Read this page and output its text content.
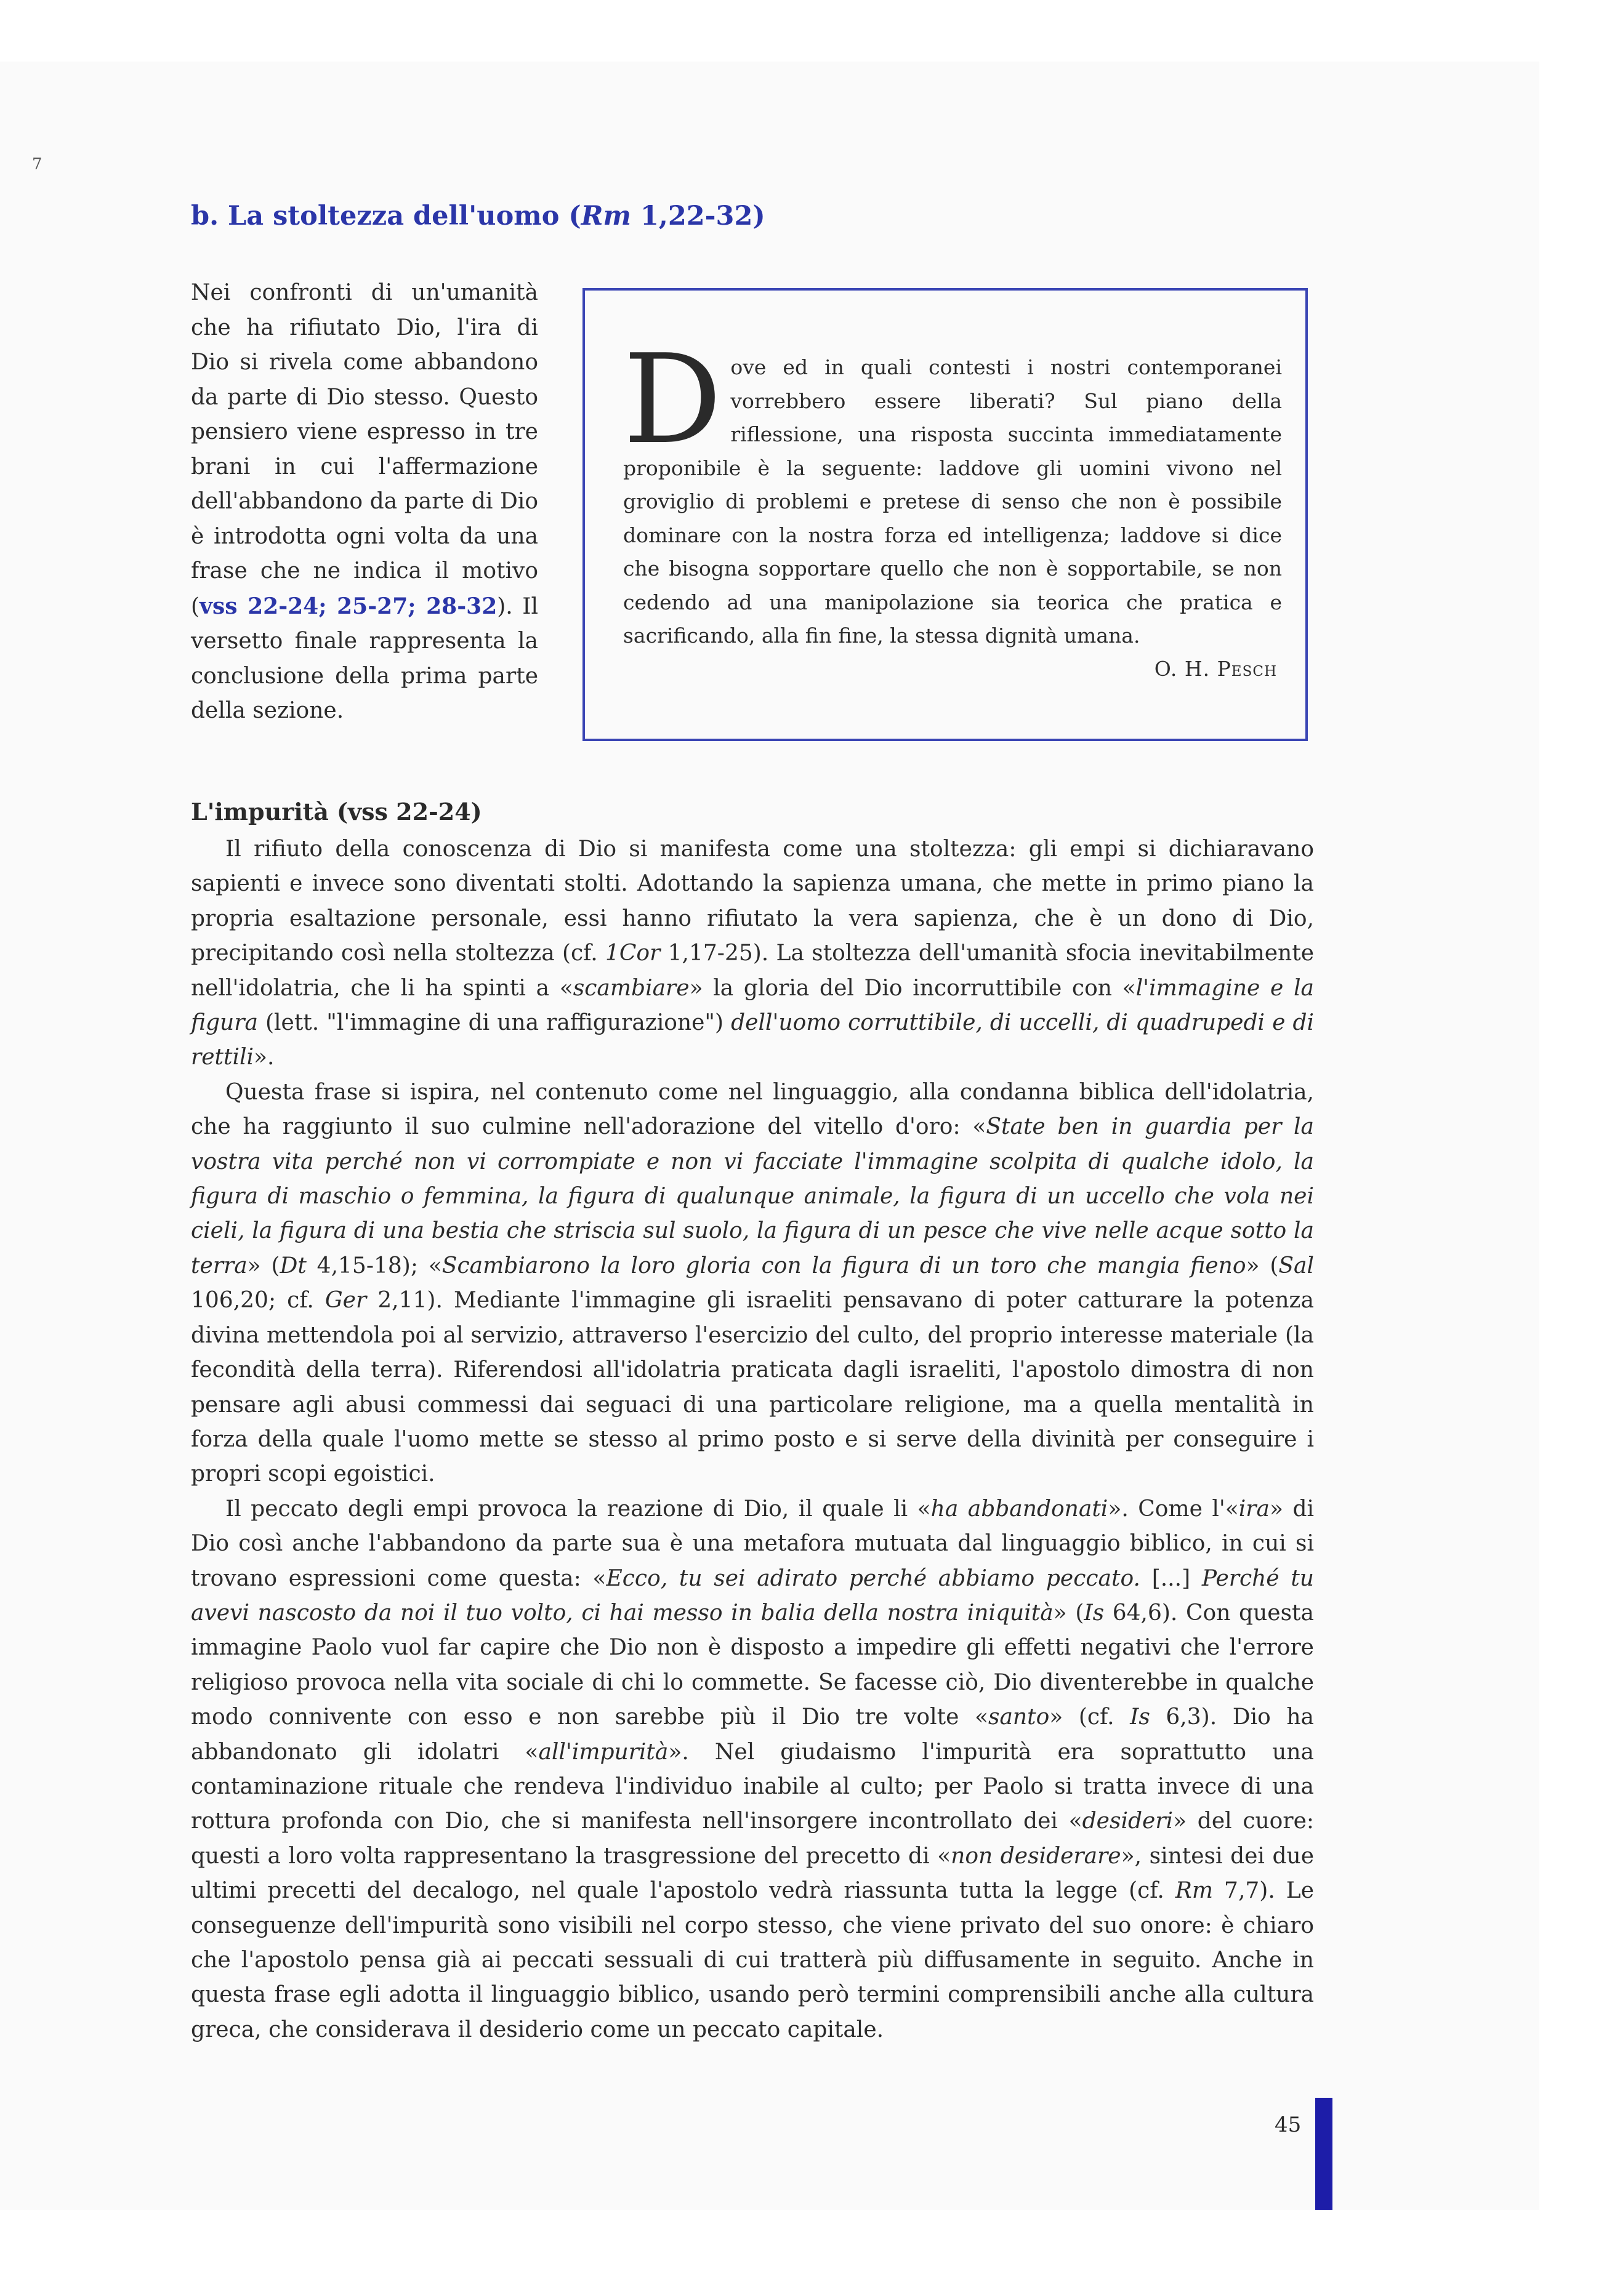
7
b. La stoltezza dell'uomo (Rm 1,22-32)

Nei confronti di un'umanità che ha rifiutato Dio, l'ira di Dio si rivela come abbandono da parte di Dio stesso. Questo pensiero viene espresso in tre brani in cui l'affermazione dell'abbandono da parte di Dio è introdotta ogni volta da una frase che ne indica il motivo (vss 22-24; 25-27; 28-32). Il versetto finale rappresenta la conclusione della prima parte della sezione.

Dove ed in quali contesti i nostri contemporanei vorrebbero essere liberati? Sul piano della riflessione, una risposta succinta immediatamente proponibile è la seguente: laddove gli uomini vivono nel groviglio di problemi e pretese di senso che non è possibile dominare con la nostra forza ed intelligenza; laddove si dice che bisogna sopportare quello che non è sopportabile, se non cedendo ad una manipolazione sia teorica che pratica e sacrificando, alla fin fine, la stessa dignità umana.

O. H. Pesch
L'impurità (vss 22-24)

Il rifiuto della conoscenza di Dio si manifesta come una stoltezza: gli empi si dichiaravano sapienti e invece sono diventati stolti. Adottando la sapienza umana, che mette in primo piano la propria esaltazione personale, essi hanno rifiutato la vera sapienza, che è un dono di Dio, precipitando così nella stoltezza (cf. 1Cor 1,17-25). La stoltezza dell'umanità sfocia inevitabilmente nell'idolatria, che li ha spinti a «scambiare» la gloria del Dio incorruttibile con «l'immagine e la figura (lett. "l'immagine di una raffigurazione") dell'uomo corruttibile, di uccelli, di quadrupedi e di rettili».

Questa frase si ispira, nel contenuto come nel linguaggio, alla condanna biblica dell'idolatria, che ha raggiunto il suo culmine nell'adorazione del vitello d'oro: «State ben in guardia per la vostra vita perché non vi corrompiate e non vi facciate l'immagine scolpita di qualche idolo, la figura di maschio o femmina, la figura di qualunque animale, la figura di un uccello che vola nei cieli, la figura di una bestia che striscia sul suolo, la figura di un pesce che vive nelle acque sotto la terra» (Dt 4,15-18); «Scambiarono la loro gloria con la figura di un toro che mangia fieno» (Sal 106,20; cf. Ger 2,11). Mediante l'immagine gli israeliti pensavano di poter catturare la potenza divina mettendola poi al servizio, attraverso l'esercizio del culto, del proprio interesse materiale (la fecondità della terra). Riferendosi all'idolatria praticata dagli israeliti, l'apostolo dimostra di non pensare agli abusi commessi dai seguaci di una particolare religione, ma a quella mentalità in forza della quale l'uomo mette se stesso al primo posto e si serve della divinità per conseguire i propri scopi egoistici.

Il peccato degli empi provoca la reazione di Dio, il quale li «ha abbandonati». Come l'«ira» di Dio così anche l'abbandono da parte sua è una metafora mutuata dal linguaggio biblico, in cui si trovano espressioni come questa: «Ecco, tu sei adirato perché abbiamo peccato. [...] Perché tu avevi nascosto da noi il tuo volto, ci hai messo in balia della nostra iniquità» (Is 64,6). Con questa immagine Paolo vuol far capire che Dio non è disposto a impedire gli effetti negativi che l'errore religioso provoca nella vita sociale di chi lo commette. Se facesse ciò, Dio diventerebbe in qualche modo connivente con esso e non sarebbe più il Dio tre volte «santo» (cf. Is 6,3). Dio ha abbandonato gli idolatri «all'impurità». Nel giudaismo l'impurità era soprattutto una contaminazione rituale che rendeva l'individuo inabile al culto; per Paolo si tratta invece di una rottura profonda con Dio, che si manifesta nell'insorgere incontrollato dei «desideri» del cuore: questi a loro volta rappresentano la trasgressione del precetto di «non desiderare», sintesi dei due ultimi precetti del decalogo, nel quale l'apostolo vedrà riassunta tutta la legge (cf. Rm 7,7). Le conseguenze dell'impurità sono visibili nel corpo stesso, che viene privato del suo onore: è chiaro che l'apostolo pensa già ai peccati sessuali di cui tratterà più diffusamente in seguito. Anche in questa frase egli adotta il linguaggio biblico, usando però termini comprensibili anche alla cultura greca, che considerava il desiderio come un peccato capitale.

45
